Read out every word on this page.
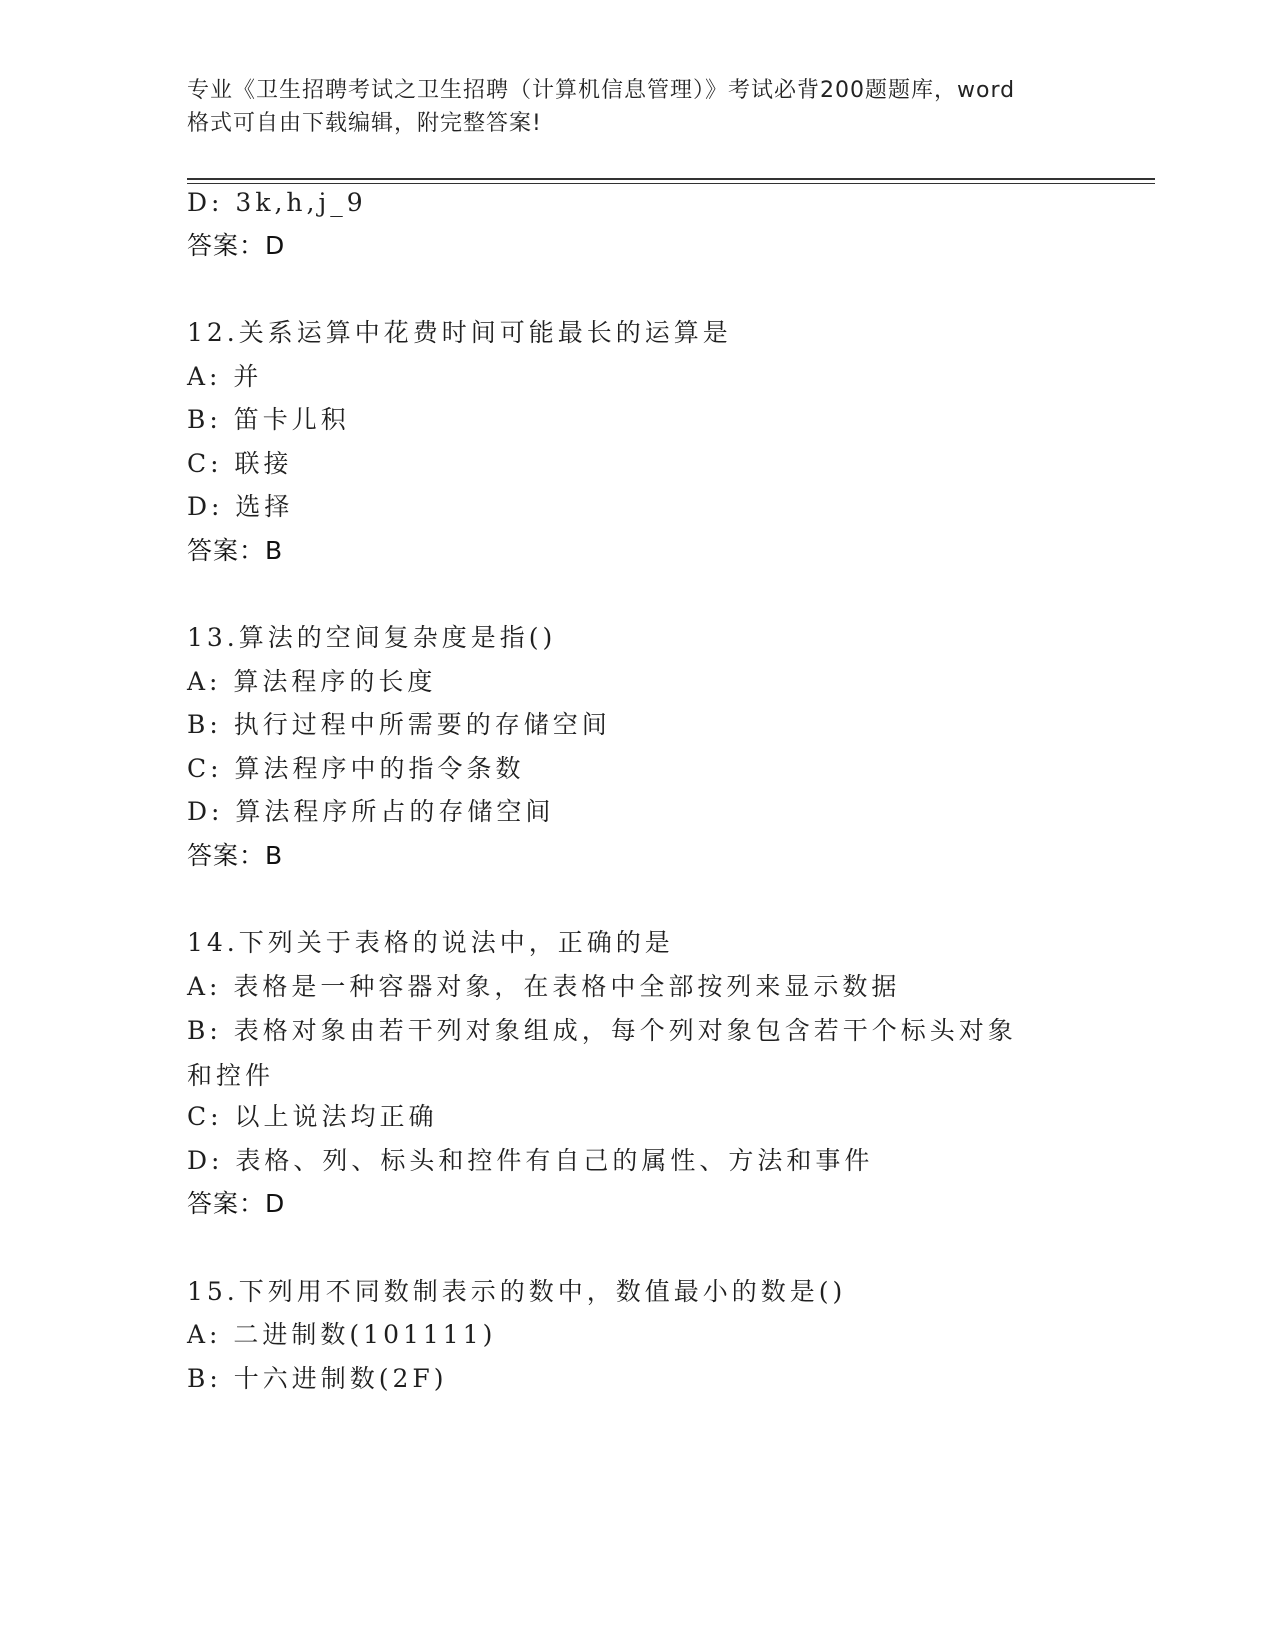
专业《卫生招聘考试之卫生招聘（计算机信息管理）》考试必背200题题库，word
格式可自由下载编辑，附完整答案!
D: 3k,h,j_9
答案：D
12.关系运算中花费时间可能最长的运算是
A: 并
B: 笛卡儿积
C: 联接
D: 选择
答案：B
13.算法的空间复杂度是指()
A: 算法程序的长度
B: 执行过程中所需要的存储空间
C: 算法程序中的指令条数
D: 算法程序所占的存储空间
答案：B
14.下列关于表格的说法中，正确的是
A: 表格是一种容器对象，在表格中全部按列来显示数据
B: 表格对象由若干列对象组成，每个列对象包含若干个标头对象和控件
C: 以上说法均正确
D: 表格、列、标头和控件有自己的属性、方法和事件
答案：D
15.下列用不同数制表示的数中，数值最小的数是()
A: 二进制数(101111)
B: 十六进制数(2F)
